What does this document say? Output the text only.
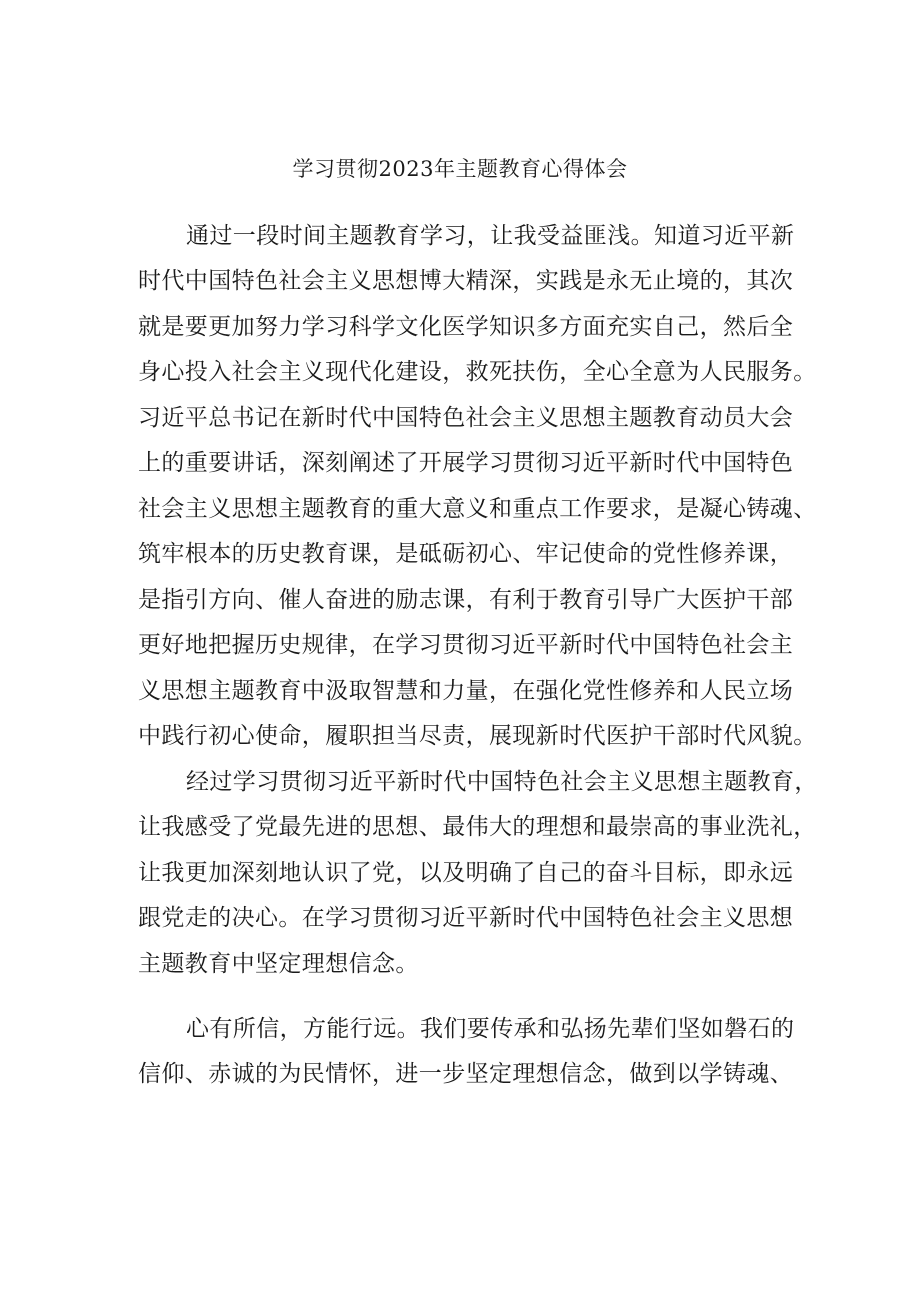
学习贯彻2023年主题教育心得体会
通过一段时间主题教育学习，让我受益匪浅。知道习近平新
时代中国特色社会主义思想博大精深，实践是永无止境的，其次
就是要更加努力学习科学文化医学知识多方面充实自己，然后全
身心投入社会主义现代化建设，救死扶伤，全心全意为人民服务。
习近平总书记在新时代中国特色社会主义思想主题教育动员大会
上的重要讲话，深刻阐述了开展学习贯彻习近平新时代中国特色
社会主义思想主题教育的重大意义和重点工作要求，是凝心铸魂、
筑牢根本的历史教育课，是砥砺初心、牢记使命的党性修养课，
是指引方向、催人奋进的励志课，有利于教育引导广大医护干部
更好地把握历史规律，在学习贯彻习近平新时代中国特色社会主
义思想主题教育中汲取智慧和力量，在强化党性修养和人民立场
中践行初心使命，履职担当尽责，展现新时代医护干部时代风貌。
经过学习贯彻习近平新时代中国特色社会主义思想主题教育，
让我感受了党最先进的思想、最伟大的理想和最崇高的事业洗礼，
让我更加深刻地认识了党，以及明确了自己的奋斗目标，即永远
跟党走的决心。在学习贯彻习近平新时代中国特色社会主义思想
主题教育中坚定理想信念。
心有所信，方能行远。我们要传承和弘扬先辈们坚如磐石的
信仰、赤诚的为民情怀，进一步坚定理想信念，做到以学铸魂、
